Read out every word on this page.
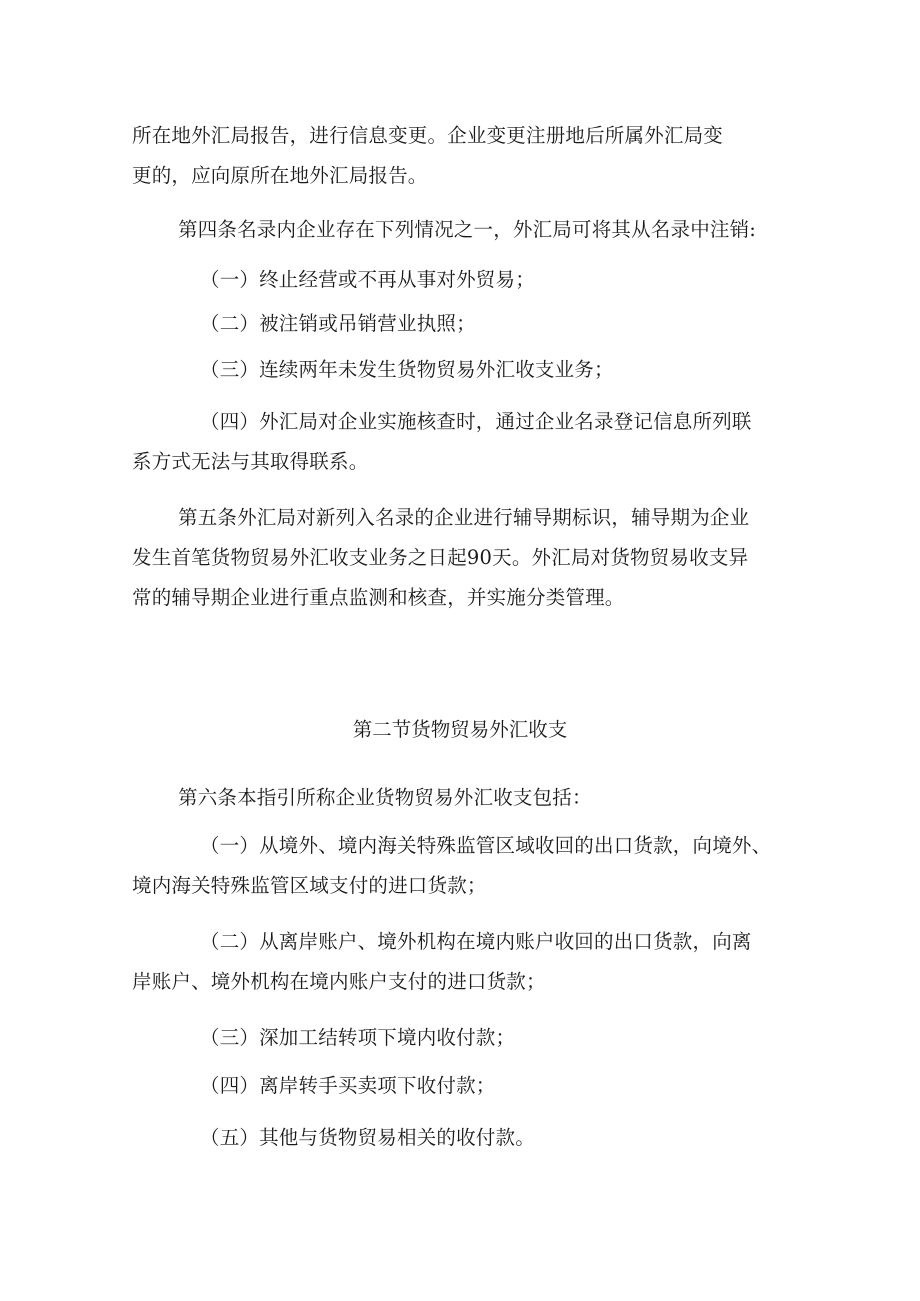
所在地外汇局报告，进行信息变更。企业变更注册地后所属外汇局变
更的，应向原所在地外汇局报告。
第四条名录内企业存在下列情况之一，外汇局可将其从名录中注销:
（一）终止经营或不再从事对外贸易；
（二）被注销或吊销营业执照；
（三）连续两年未发生货物贸易外汇收支业务；
（四）外汇局对企业实施核查时，通过企业名录登记信息所列联
系方式无法与其取得联系。
第五条外汇局对新列入名录的企业进行辅导期标识，辅导期为企业
发生首笔货物贸易外汇收支业务之日起90天。外汇局对货物贸易收支异
常的辅导期企业进行重点监测和核查，并实施分类管理。
第二节货物贸易外汇收支
第六条本指引所称企业货物贸易外汇收支包括：
（一）从境外、境内海关特殊监管区域收回的出口货款，向境外、
境内海关特殊监管区域支付的进口货款；
（二）从离岸账户、境外机构在境内账户收回的出口货款，向离
岸账户、境外机构在境内账户支付的进口货款；
（三）深加工结转项下境内收付款；
（四）离岸转手买卖项下收付款；
（五）其他与货物贸易相关的收付款。
